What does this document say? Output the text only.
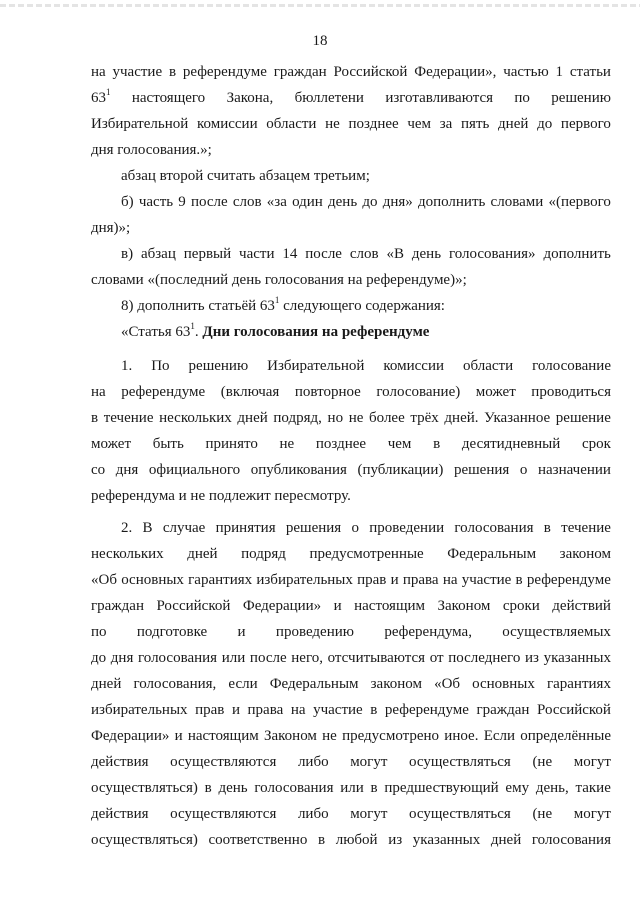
18
на участие в референдуме граждан Российской Федерации», частью 1 статьи
$63^1$ настоящего Закона, бюллетени изготавливаются по решению
Избирательной комиссии области не позднее чем за пять дней до первого
дня голосования.»;
абзац второй считать абзацем третьим;
б) часть 9 после слов «за один день до дня» дополнить словами «(первого
дня)»;
в) абзац первый части 14 после слов «В день голосования» дополнить
словами «(последний день голосования на референдуме)»;
8) дополнить статьёй $63^1$ следующего содержания:
«Статья $63^1$. Дни голосования на референдуме
1. По решению Избирательной комиссии области голосование
на референдуме (включая повторное голосование) может проводиться
в течение нескольких дней подряд, но не более трёх дней. Указанное решение
может быть принято не позднее чем в десятидневный срок
со дня официального опубликования (публикации) решения о назначении
референдума и не подлежит пересмотру.
2. В случае принятия решения о проведении голосования в течение
нескольких дней подряд предусмотренные Федеральным законом
«Об основных гарантиях избирательных прав и права на участие в референдуме
граждан Российской Федерации» и настоящим Законом сроки действий
по подготовке и проведению референдума, осуществляемых
до дня голосования или после него, отсчитываются от последнего из указанных
дней голосования, если Федеральным законом «Об основных гарантиях
избирательных прав и права на участие в референдуме граждан Российской
Федерации» и настоящим Законом не предусмотрено иное. Если определённые
действия осуществляются либо могут осуществляться (не могут
осуществляться) в день голосования или в предшествующий ему день, такие
действия осуществляются либо могут осуществляться (не могут
осуществляться) соответственно в любой из указанных дней голосования
